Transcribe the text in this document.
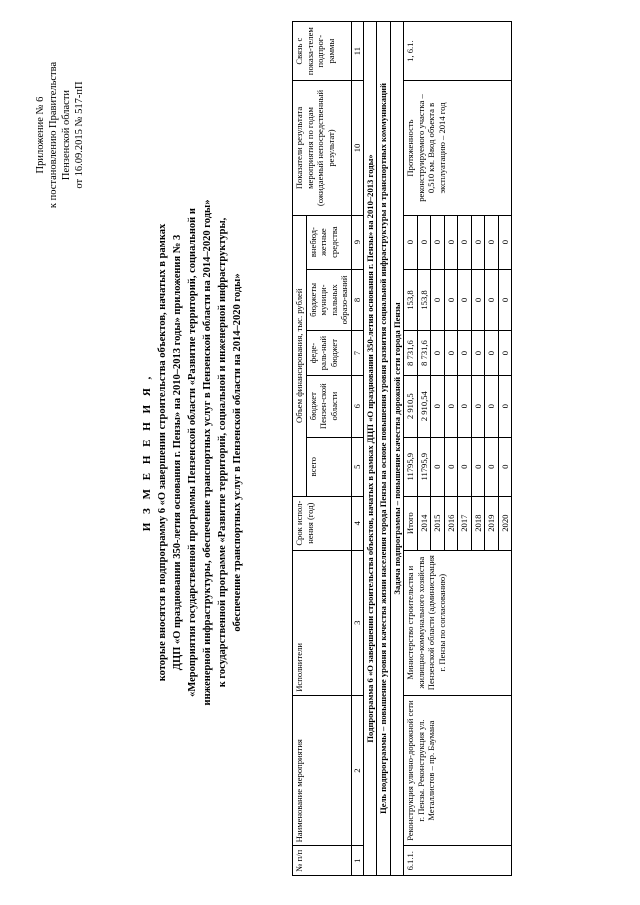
Приложение № 6 к постановлению Правительства Пензенской области от 16.09.2015 № 517-пП
И З М Е Н Е Н И Я , которые вносятся в подпрограмму 6 «О завершении строительства объектов, начатых в рамках ДЦП «О праздновании 350-летия основания г. Пензы» на 2010–2013 годы» приложения № 3 «Мероприятия государственной программы Пензенской области «Развитие территорий, социальной и инженерной инфраструктуры, обеспечение транспортных услуг в Пензенской области на 2014–2020 годы» к государственной программе «Развитие территорий, социальной и инженерной инфраструктуры, обеспечение транспортных услуг в Пензенской области на 2014–2020 годы»
№ п/п	Наименование мероприятия	Исполнители	Срок испол-нения (год)	Объем финансирования, тыс. рублей					Показатели результата мероприятия по годам (ожидаемый непосредственный результат)	Связь с показа-телем подпрог-раммы
				всего	бюджет Пензен-ской области	феде-раль-ный бюджет	бюджеты муници-пальных образо-ваний	внебюд-жетные средства		
1	2	3	4	5	6	7	8	9	10	11
Подпрограмма 6 «О завершении строительства объектов, начатых в рамках ДЦП «О праздновании 350-летия основания г. Пензы» на 2010–2013 годы»										
Цель подпрограммы – повышение уровня и качества жизни населения города Пензы на основе повышения уровня развития социальной инфраструктуры и транспортных коммуникаций										
Задача подпрограммы – повышение качества дорожной сети города Пензы										
6.1.1.	Реконструкция улично-дорожной сети г. Пензы. Реконструкция ул. Металлистов – пр. Баумана	Министерство строительства и жилищно-коммунального хозяйства Пензенской области (администрация г. Пензы по согласованию)	Итого	11795,9	2 910,5	8 731,6	153,8	0	Протяженность реконструируемого участка – 0,510 км. Ввод объекта в эксплуатацию – 2014 год	1, 6.1.
			2014	11795,9	2 910,54	8 731,6	153,8	0		
			2015	0	0	0	0	0		
			2016	0	0	0	0	0		
			2017	0	0	0	0	0		
			2018	0	0	0	0	0		
			2019	0	0	0	0	0		
			2020	0	0	0	0	0		
